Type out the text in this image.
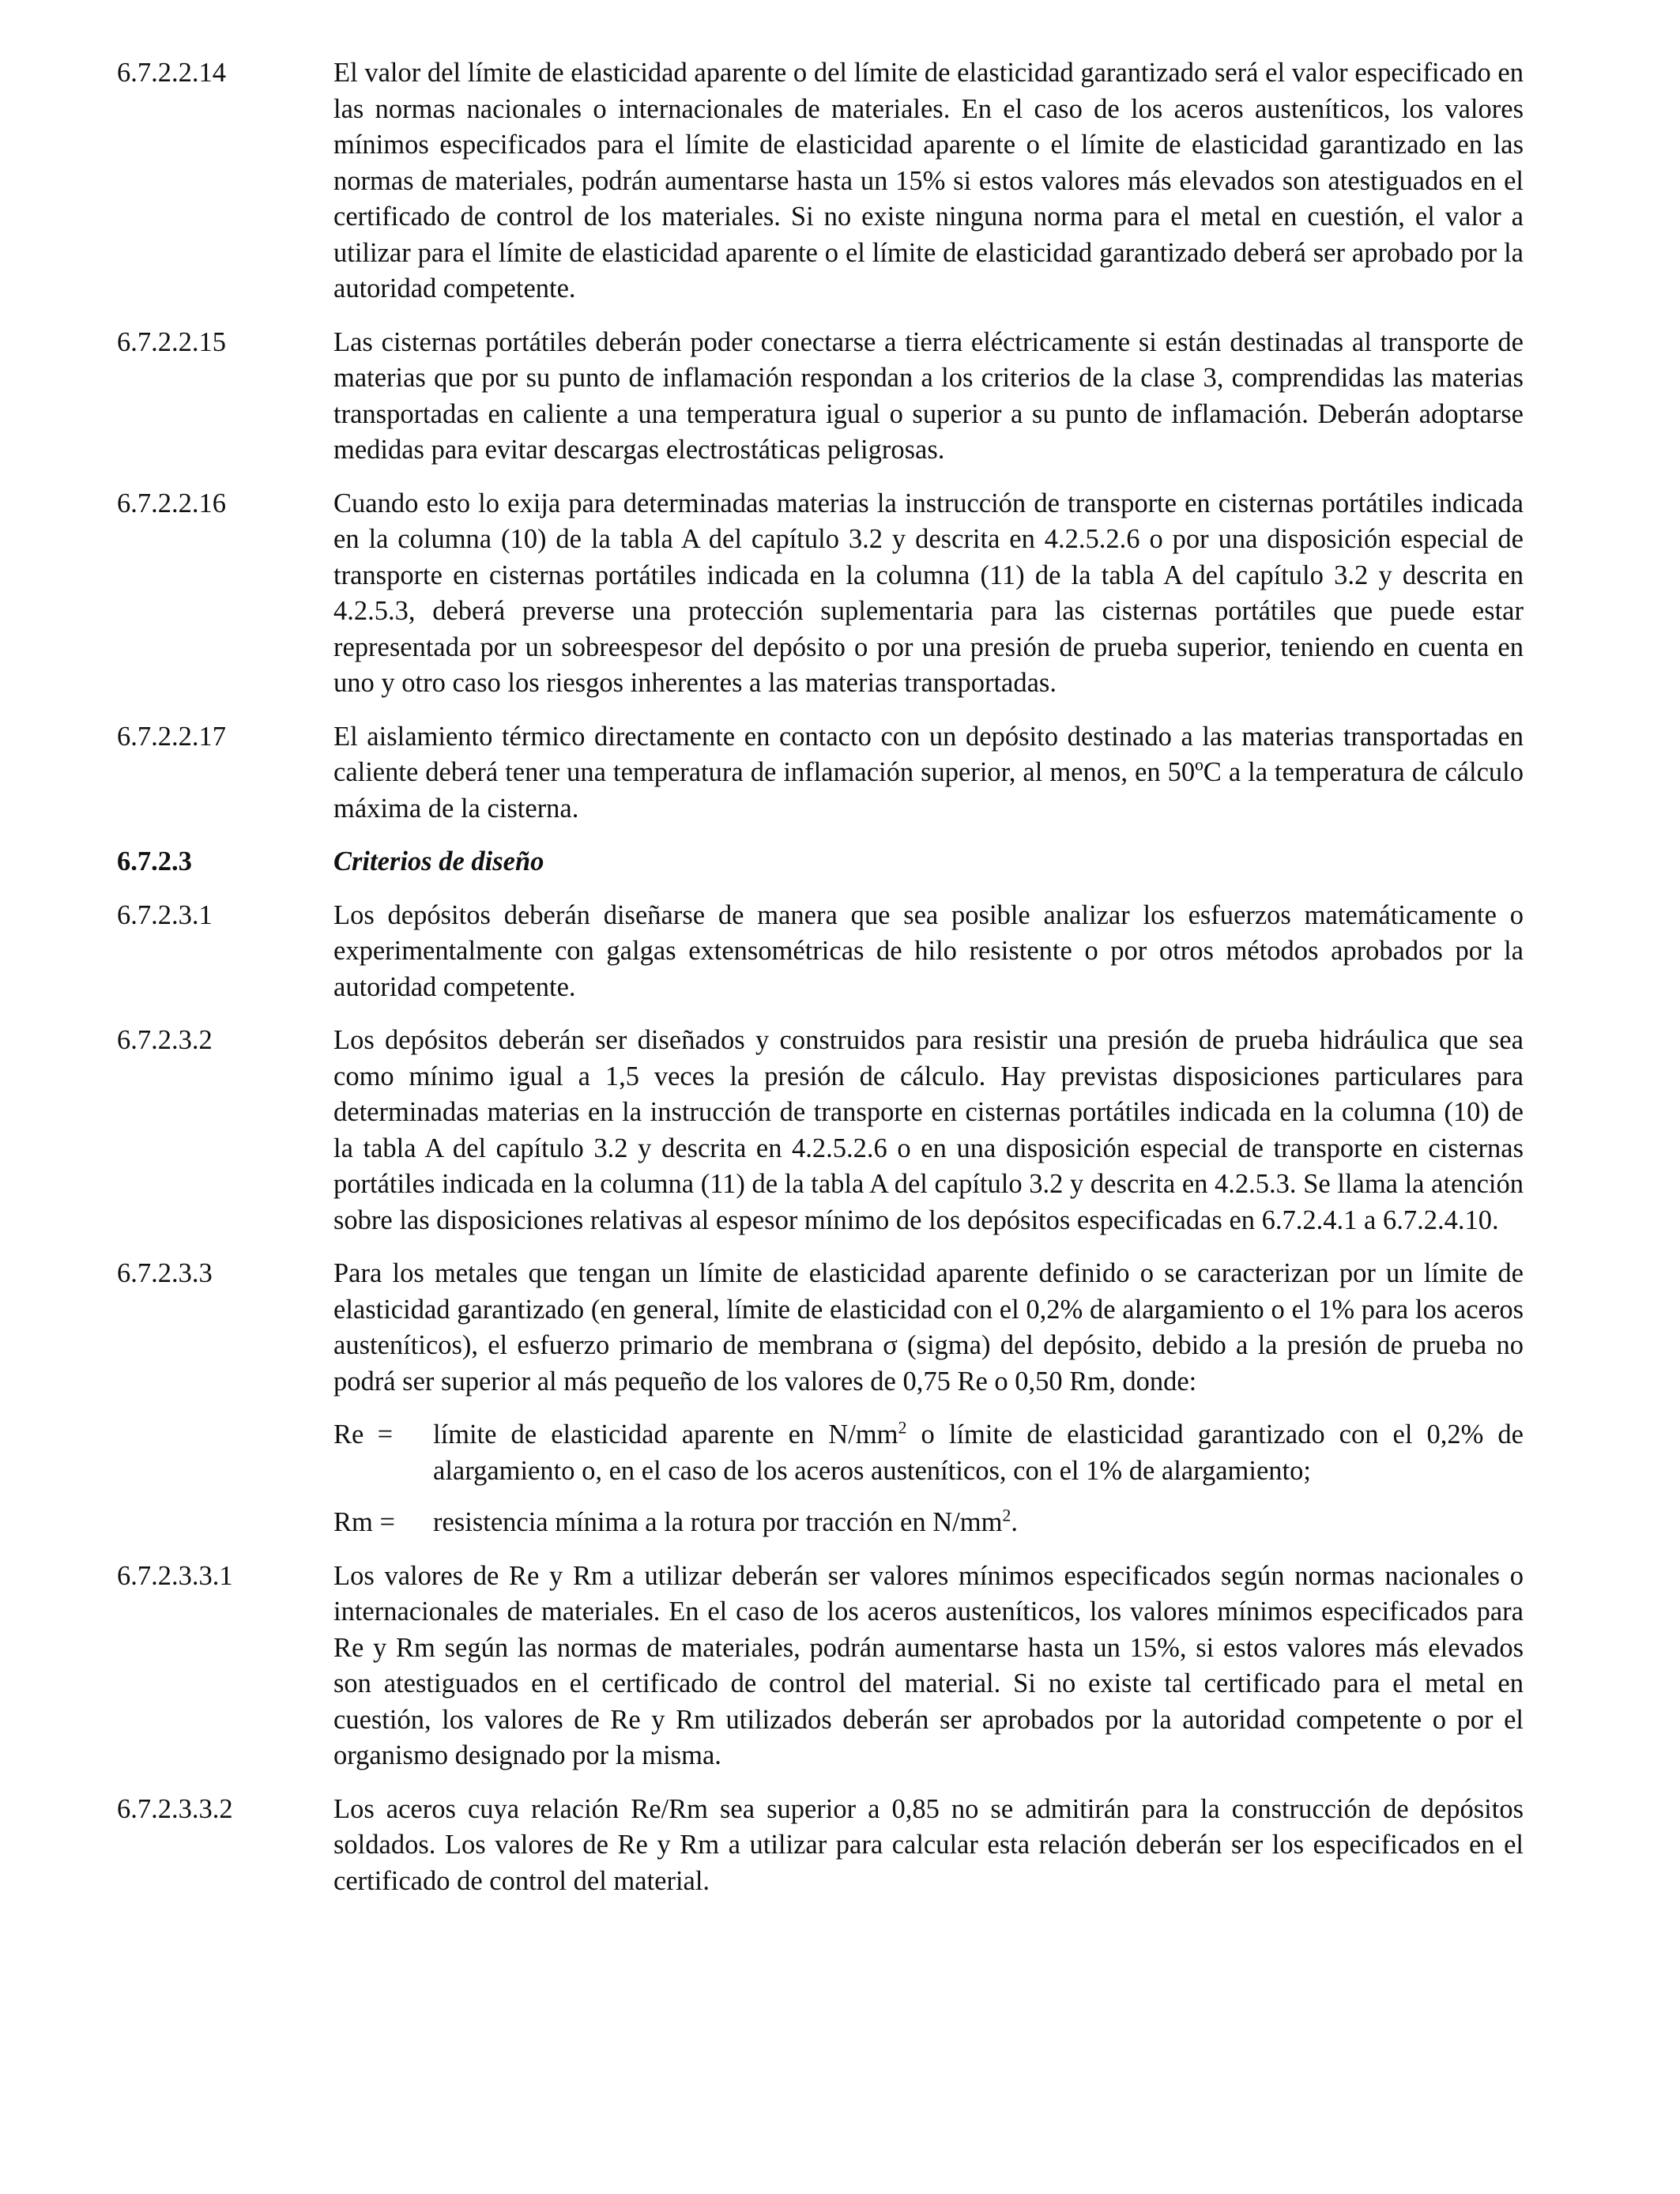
6.7.2.2.14	El valor del límite de elasticidad aparente o del límite de elasticidad garantizado será el valor especificado en las normas nacionales o internacionales de materiales. En el caso de los aceros austeníticos, los valores mínimos especificados para el límite de elasticidad aparente o el límite de elasticidad garantizado en las normas de materiales, podrán aumentarse hasta un 15% si estos valores más elevados son atestiguados en el certificado de control de los materiales. Si no existe ninguna norma para el metal en cuestión, el valor a utilizar para el límite de elasticidad aparente o el límite de elasticidad garantizado deberá ser aprobado por la autoridad competente.
6.7.2.2.15	Las cisternas portátiles deberán poder conectarse a tierra eléctricamente si están destinadas al transporte de materias que por su punto de inflamación respondan a los criterios de la clase 3, comprendidas las materias transportadas en caliente a una temperatura igual o superior a su punto de inflamación. Deberán adoptarse medidas para evitar descargas electrostáticas peligrosas.
6.7.2.2.16	Cuando esto lo exija para determinadas materias la instrucción de transporte en cisternas portátiles indicada en la columna (10) de la tabla A del capítulo 3.2 y descrita en 4.2.5.2.6 o por una disposición especial de transporte en cisternas portátiles indicada en la columna (11) de la tabla A del capítulo 3.2 y descrita en 4.2.5.3, deberá preverse una protección suplementaria para las cisternas portátiles que puede estar representada por un sobreespesor del depósito o por una presión de prueba superior, teniendo en cuenta en uno y otro caso los riesgos inherentes a las materias transportadas.
6.7.2.2.17	El aislamiento térmico directamente en contacto con un depósito destinado a las materias transportadas en caliente deberá tener una temperatura de inflamación superior, al menos, en 50ºC a la temperatura de cálculo máxima de la cisterna.
6.7.2.3	Criterios de diseño
6.7.2.3.1	Los depósitos deberán diseñarse de manera que sea posible analizar los esfuerzos matemáticamente o experimentalmente con galgas extensométricas de hilo resistente o por otros métodos aprobados por la autoridad competente.
6.7.2.3.2	Los depósitos deberán ser diseñados y construidos para resistir una presión de prueba hidráulica que sea como mínimo igual a 1,5 veces la presión de cálculo. Hay previstas disposiciones particulares para determinadas materias en la instrucción de transporte en cisternas portátiles indicada en la columna (10) de la tabla A del capítulo 3.2 y descrita en 4.2.5.2.6 o en una disposición especial de transporte en cisternas portátiles indicada en la columna (11) de la tabla A del capítulo 3.2 y descrita en 4.2.5.3. Se llama la atención sobre las disposiciones relativas al espesor mínimo de los depósitos especificadas en 6.7.2.4.1 a 6.7.2.4.10.
6.7.2.3.3	Para los metales que tengan un límite de elasticidad aparente definido o se caracterizan por un límite de elasticidad garantizado (en general, límite de elasticidad con el 0,2% de alargamiento o el 1% para los aceros austeníticos), el esfuerzo primario de membrana σ (sigma) del depósito, debido a la presión de prueba no podrá ser superior al más pequeño de los valores de 0,75 Re o 0,50 Rm, donde:
Re  =	límite de elasticidad aparente en $N/mm^2$ o límite de elasticidad garantizado con el 0,2% de alargamiento o, en el caso de los aceros austeníticos, con el 1% de alargamiento;
Rm =	resistencia mínima a la rotura por tracción en $N/mm^2$.
6.7.2.3.3.1	Los valores de Re y Rm a utilizar deberán ser valores mínimos especificados según normas nacionales o internacionales de materiales. En el caso de los aceros austeníticos, los valores mínimos especificados para Re y Rm según las normas de materiales, podrán aumentarse hasta un 15%, si estos valores más elevados son atestiguados en el certificado de control del material. Si no existe tal certificado para el metal en cuestión, los valores de Re y Rm utilizados deberán ser aprobados por la autoridad competente o por el organismo designado por la misma.
6.7.2.3.3.2	Los aceros cuya relación Re/Rm sea superior a 0,85 no se admitirán para la construcción de depósitos soldados. Los valores de Re y Rm a utilizar para calcular esta relación deberán ser los especificados en el certificado de control del material.
